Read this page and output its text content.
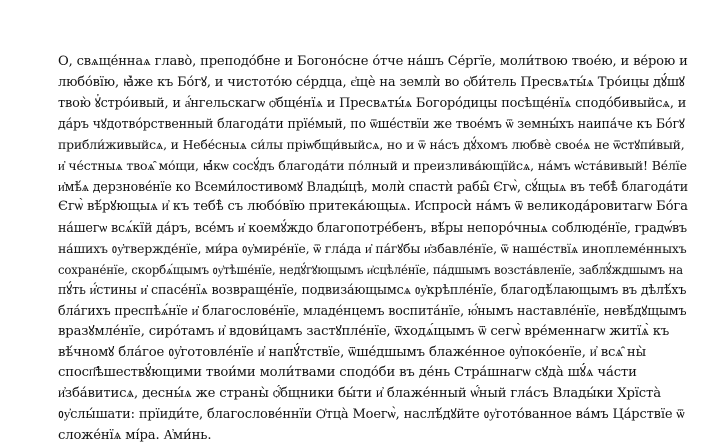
О, свѧще́ннаѧ главо̀, преподо́бне и Богоно́сне о́тче на́шъ Се́ргїе, моли́твою твое́ю, и ве́рою и
любо́вїю, ꙗ҆̀же къ Бо́гꙋ, и чистото́ю се́рдца, є҆щѐ на землѝ во ѻ҆би́тель Пресвѧты́ѧ Тро́ицы дꙋ́шꙋ
твою̀ ꙋ҆стро́ивый, и а҆́нгельскагѡ ѻ҆бще́нїѧ и Пресвѧты́ѧ Богоро́дицы посѣще́нїѧ сподо́бивыйсѧ, и
да́ръ чꙋдотво́рственный благода́ти прїе́мый, по ѿше́ствїи же твое́мъ ѿ земны́хъ наипа́че къ Бо́гꙋ
прибли́живыйсѧ, и Небе́сныѧ си́лы пріѡбщи́выйсѧ, но и ѿ на́съ дꙋ́хомъ любвѐ свое́ѧ не ѿстꙋпи́вый,
и҆ че́стныѧ твоѧ̑ мо́щи, ꙗ҆́кѡ сосꙋ́дъ благода́ти по́лный и преизлива́ющїйсѧ, на́мъ ѡ҆ста́вивый! Ве́лїе
и҆мѣ́ѧ дерзнове́нїе ко Всеми́лостивомꙋ Влады́цѣ, молѝ спастѝ рабы̑ Єгѡ̀, сꙋ́щыѧ въ тебѣ̀ благода́ти
Єгѡ̀ вѣ́рꙋющыѧ и҆ къ тебѣ̀ съ любо́вїю притека́ющыѧ. И҆спросѝ на́мъ ѿ великода́ровитагѡ Бо́га
на́шегѡ всѧ́кїй да́ръ, все́мъ и҆ коемꙋ́ждо благопотре́бенъ, вѣ́ры непоро́чныѧ соблюде́нїе, градѡ́въ
на́шихъ ᲂу҆твержде́нїе, ми́ра ᲂу҆мире́нїе, ѿ гла́да и҆ па́гꙋбы и҆збавле́нїе, ѿ наше́ствїѧ иноплеме́нныхъ
сохране́нїе, скорбѧ́щымъ ᲂу҆тѣше́нїе, недꙋ́гꙋющымъ и҆сцѣле́нїе, па́дшымъ возста́вленїе, заблꙋ́ждшымъ на
пꙋ́ть и҆́стины и҆ спасе́нїѧ возвраще́нїе, подвиза́ющымсѧ ᲂу҆крѣпле́нїе, благодѣ́лающымъ въ дѣлѣ́хъ
бла́гихъ преспѣѧ́нїе и҆ благослове́нїе, младе́нцемъ воспита́нїе, ю҆́нымъ наставле́нїе, невѣ́дꙋщымъ
вразꙋмле́нїе, сиро́тамъ и҆ вдови́цамъ застꙋпле́нїе, ѿходѧ́щымъ ѿ сегѡ̀ вре́меннагѡ житїѧ̀ къ
вѣ́чномꙋ бла́гое ᲂу҆готовле́нїе и҆ напꙋ́тствїе, ѿше́дшымъ блаже́нное ᲂу҆поко́енїе, и҆ всѧ̑ ны̀
спосп҃ѣшествꙋ́ющими твои́ми моли́твами сподо́би въ де́нь Стра́шнагѡ сꙋда̀ шꙋ́ѧ ча́сти
и҆зба́витисѧ, десны́ѧ же страны̀ ѻ҆́бщники бы́ти и҆ блаже́нный ѡ҆́ный гла́съ Влады́ки Хрїста̀
ᲂу҆слы́шати: прїиди́те, благослове́ннїи Ѻ҆тца̀ Моегѡ̀, наслѣ́дꙋйте ᲂу҆гото́ванное ва́мъ Ца́рствїе ѿ
сложе́нїѧ мі́ра. А҆ми́нь.
